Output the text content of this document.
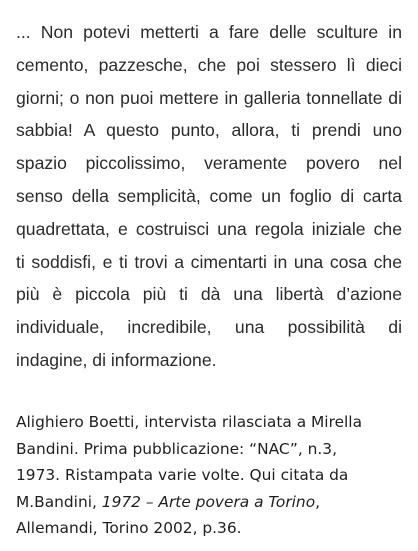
... Non potevi metterti a fare delle sculture in
cemento, pazzesche, che poi stessero lì dieci
giorni; o non puoi mettere in galleria tonnellate di
sabbia! A questo punto, allora, ti prendi uno
spazio piccolissimo, veramente povero nel
senso della semplicità, come un foglio di carta
quadrettata, e costruisci una regola iniziale che
ti soddisfi, e ti trovi a cimentarti in una cosa che
più è piccola più ti dà una libertà d’azione
individuale, incredibile, una possibilità di
indagine, di informazione.
Alighiero Boetti, intervista rilasciata a Mirella
Bandini. Prima pubblicazione: “NAC”, n.3,
1973. Ristampata varie volte. Qui citata da
M.Bandini, 1972 – Arte povera a Torino,
Allemandi, Torino 2002, p.36.
